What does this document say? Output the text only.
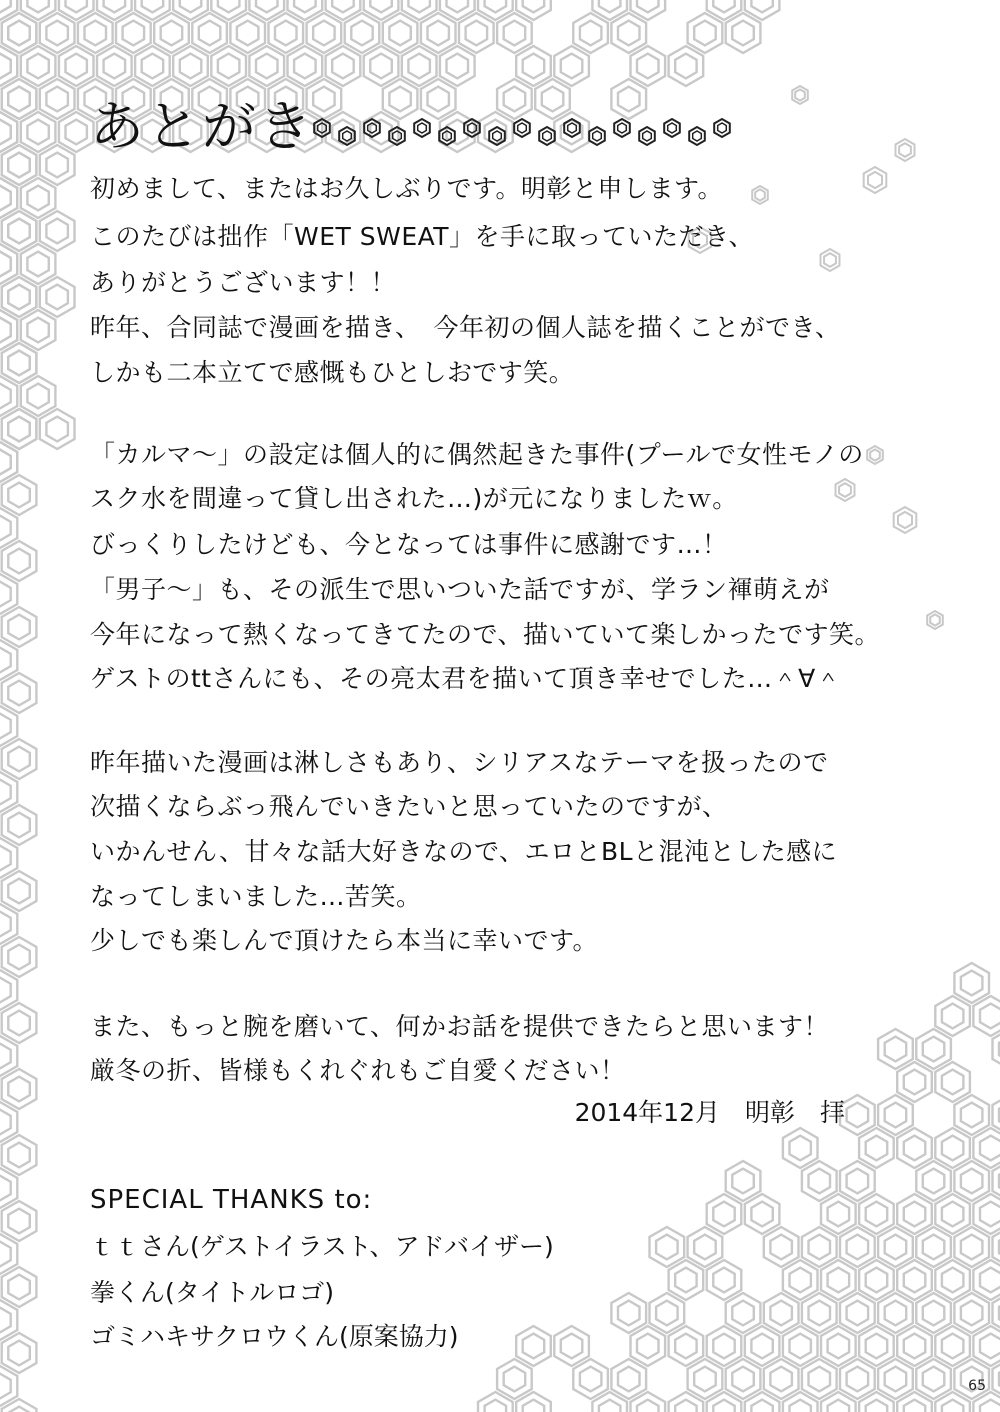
あとがき
初めまして、またはお久しぶりです。明彰と申します。
このたびは拙作「WET SWEAT」を手に取っていただき、
ありがとうございます！！
昨年、合同誌で漫画を描き、　今年初の個人誌を描くことができ、
しかも二本立てで感慨もひとしおです笑。
「カルマ～」の設定は個人的に偶然起きた事件(プールで女性モノの
スク水を間違って貸し出された…)が元になりましたｗ。
びっくりしたけども、今となっては事件に感謝です…！
「男子～」も、その派生で思いついた話ですが、学ラン褌萌えが
今年になって熱くなってきてたので、描いていて楽しかったです笑。
ゲストのttさんにも、その亮太君を描いて頂き幸せでした…＾∀＾
昨年描いた漫画は淋しさもあり、シリアスなテーマを扱ったので
次描くならぶっ飛んでいきたいと思っていたのですが、
いかんせん、甘々な話大好きなので、エロとBLと混沌とした感に
なってしまいました…苦笑。
少しでも楽しんで頂けたら本当に幸いです。
また、もっと腕を磨いて、何かお話を提供できたらと思います！
厳冬の折、皆様もくれぐれもご自愛ください！
2014年12月　明彰　拝
SPECIAL THANKS to:
ｔｔさん(ゲストイラスト、アドバイザー)
拳くん(タイトルロゴ)
ゴミハキサクロウくん(原案協力)
65
